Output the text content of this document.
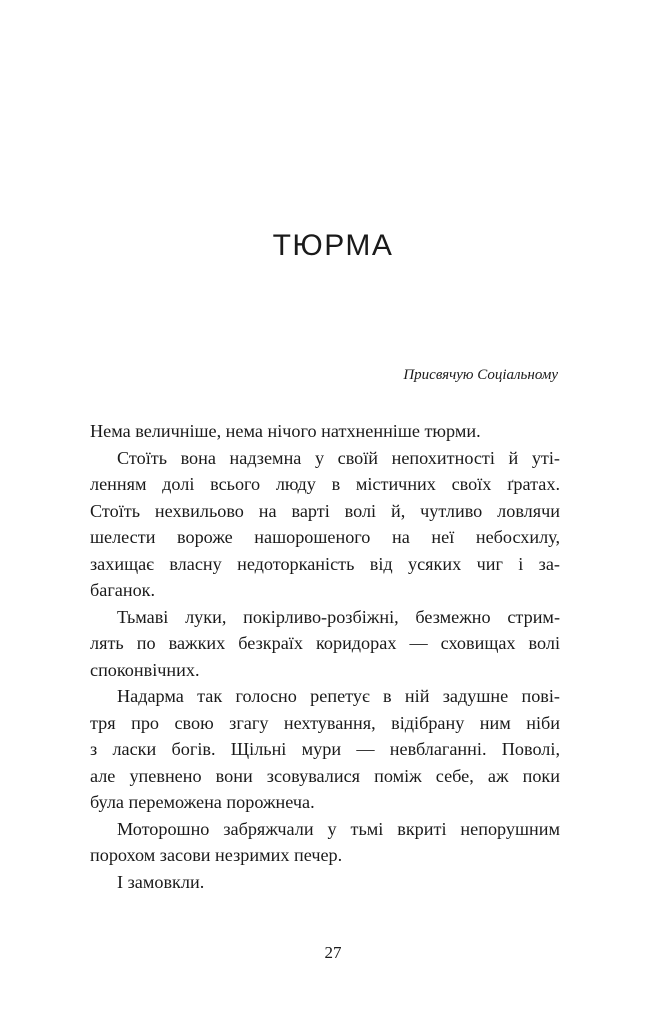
ТЮРМА

Присвячую Соціальному

Нема величніше, нема нічого натхненніше тюрми.
Стоїть вона надземна у своїй непохитності й уті-
ленням долі всього люду в містичних своїх ґратах.
Стоїть нехвильово на варті волі й, чутливо ловлячи
шелести вороже нашорошеного на неї небосхилу,
захищає власну недоторканість від усяких чиг і за-
баганок.
Тьмаві луки, покірливо-розбіжні, безмежно стрим-
лять по важких безкраїх коридорах — сховищах волі
споконвічних.
Надарма так голосно репетує в ній задушне пові-
тря про свою згагу нехтування, відібрану ним ніби
з ласки богів. Щільні мури — невблаганні. Поволі,
але упевнено вони зсовувалися поміж себе, аж поки
була переможена порожнеча.
Моторошно забряжчали у тьмі вкриті непорушним
порохом засови незримих печер.
І замовкли.

27
